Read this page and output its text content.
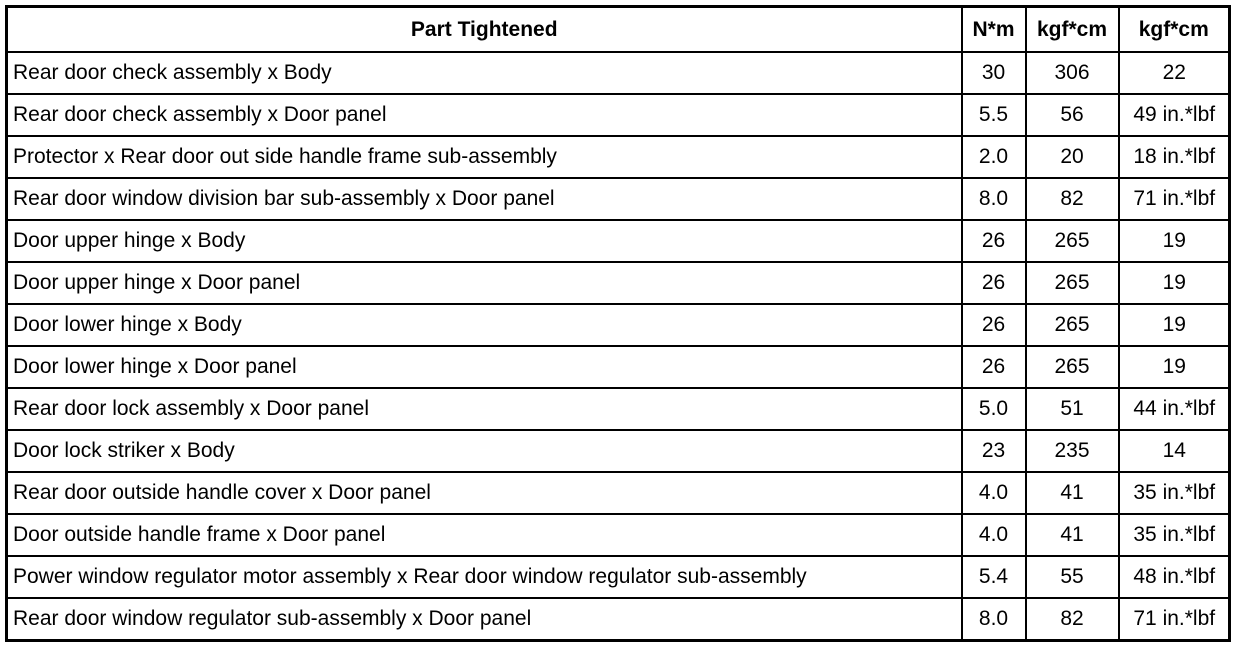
Part Tightened	N*m	kgf*cm	kgf*cm
Rear door check assembly x Body	30	306	22
Rear door check assembly x Door panel	5.5	56	49 in.*lbf
Protector x Rear door out side handle frame sub-assembly	2.0	20	18 in.*lbf
Rear door window division bar sub-assembly x Door panel	8.0	82	71 in.*lbf
Door upper hinge x Body	26	265	19
Door upper hinge x Door panel	26	265	19
Door lower hinge x Body	26	265	19
Door lower hinge x Door panel	26	265	19
Rear door lock assembly x Door panel	5.0	51	44 in.*lbf
Door lock striker x Body	23	235	14
Rear door outside handle cover x Door panel	4.0	41	35 in.*lbf
Door outside handle frame x Door panel	4.0	41	35 in.*lbf
Power window regulator motor assembly x Rear door window regulator sub-assembly	5.4	55	48 in.*lbf
Rear door window regulator sub-assembly x Door panel	8.0	82	71 in.*lbf
